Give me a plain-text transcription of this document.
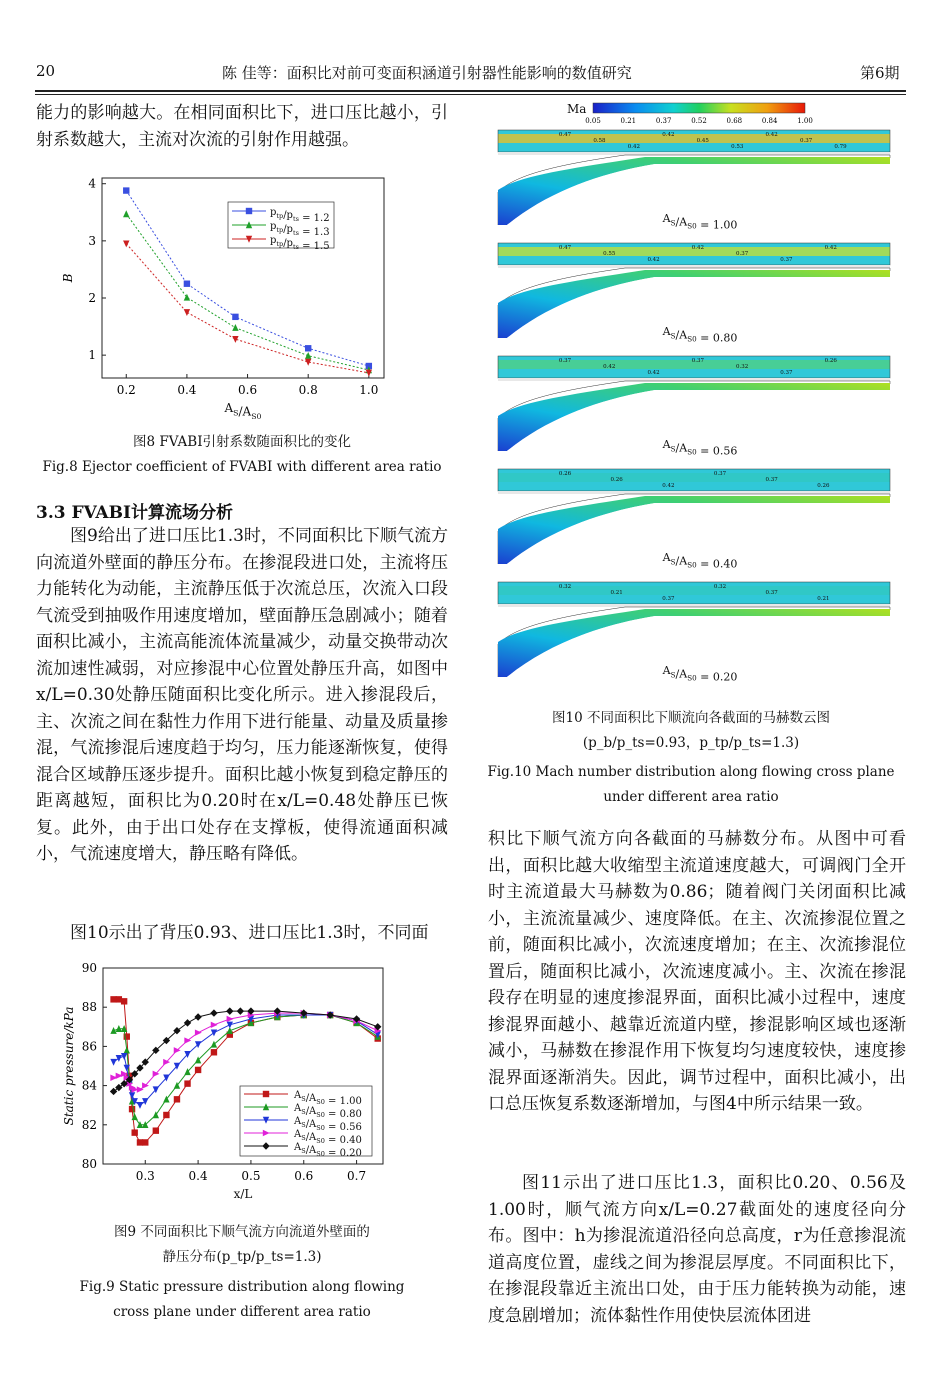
20	陈 佳等：面积比对前可变面积涵道引射器性能影响的数值研究	第6期

能力的影响越大。在相同面积比下，进口压比越小，引射系数越大，主流对次流的引射作用越强。

0.2	0.4	0.6	0.8	1.0
1
2
3
4
$A_S/A_{S0}$
B
$p_{tp}/p_{ts} = 1.2$
$p_{tp}/p_{ts} = 1.3$
$p_{tp}/p_{ts} = 1.5$
图8 FVABI引射系数随面积比的变化
Fig.8 Ejector coefficient of FVABI with different area ratio
3.3 FVABI计算流场分析

图9给出了进口压比1.3时，不同面积比下顺气流方向流道外壁面的静压分布。在掺混段进口处，主流将压力能转化为动能，主流静压低于次流总压，次流入口段气流受到抽吸作用速度增加，壁面静压急剧减小；随着面积比减小，主流高能流体流量减少，动量交换带动次流加速性减弱，对应掺混中心位置处静压升高，如图中x/L=0.30处静压随面积比变化所示。进入掺混段后，主、次流之间在黏性力作用下进行能量、动量及质量掺混，气流掺混后速度趋于均匀，压力能逐渐恢复，使得混合区域静压逐步提升。面积比越小恢复到稳定静压的距离越短，面积比为0.20时在x/L=0.48处静压已恢复。此外，由于出口处存在支撑板，使得流通面积减小，气流速度增大，静压略有降低。

图10示出了背压0.93、进口压比1.3时，不同面

0.3	0.4	0.5	0.6	0.7
80
82
84
86
88
90
x/L
Static pressure/kPa	$A_S/A_{S0} = 1.00$
$A_S/A_{S0} = 0.80$
$A_S/A_{S0} = 0.56$
$A_S/A_{S0} = 0.40$
$A_S/A_{S0} = 0.20$
图9 不同面积比下顺气流方向流道外壁面的
静压分布(p_tp/p_ts=1.3)
Fig.9 Static pressure distribution along flowing
cross plane under different area ratio
Ma
0.05	0.21	0.37	0.52	0.68	0.84	1.00
0.47
0.58
0.42
0.42
0.45
0.53
0.42
0.37
0.79
$A_S/A_{S0} = 1.00$
0.47
0.55
0.42
0.42
0.37
0.37
0.42
$A_S/A_{S0} = 0.80$
0.37
0.42
0.42
0.37
0.32
0.37
0.26
$A_S/A_{S0} = 0.56$
0.26
0.26
0.42
0.37
0.37
0.26
$A_S/A_{S0} = 0.40$
0.32
0.21
0.37
0.32
0.37
0.21
$A_S/A_{S0} = 0.20$
图10 不同面积比下顺流向各截面的马赫数云图
(p_b/p_ts=0.93，p_tp/p_ts=1.3)
Fig.10 Mach number distribution along flowing cross plane
under different area ratio

积比下顺气流方向各截面的马赫数分布。从图中可看出，面积比越大收缩型主流道速度越大，可调阀门全开时主流道最大马赫数为0.86；随着阀门关闭面积比减小，主流流量减少、速度降低。在主、次流掺混位置之前，随面积比减小，次流速度增加；在主、次流掺混位置后，随面积比减小，次流速度减小。主、次流在掺混段存在明显的速度掺混界面，面积比减小过程中，速度掺混界面越小、越靠近流道内壁，掺混影响区域也逐渐减小，马赫数在掺混作用下恢复均匀速度较快，速度掺混界面逐渐消失。因此，调节过程中，面积比减小，出口总压恢复系数逐渐增加，与图4中所示结果一致。

图11示出了进口压比1.3，面积比0.20、0.56及1.00时，顺气流方向x/L=0.27截面处的速度径向分布。图中：h为掺混流道沿径向总高度，r为任意掺混流道高度位置，虚线之间为掺混层厚度。不同面积比下，在掺混段靠近主流出口处，由于压力能转换为动能，速度急剧增加；流体黏性作用使快层流体团进
